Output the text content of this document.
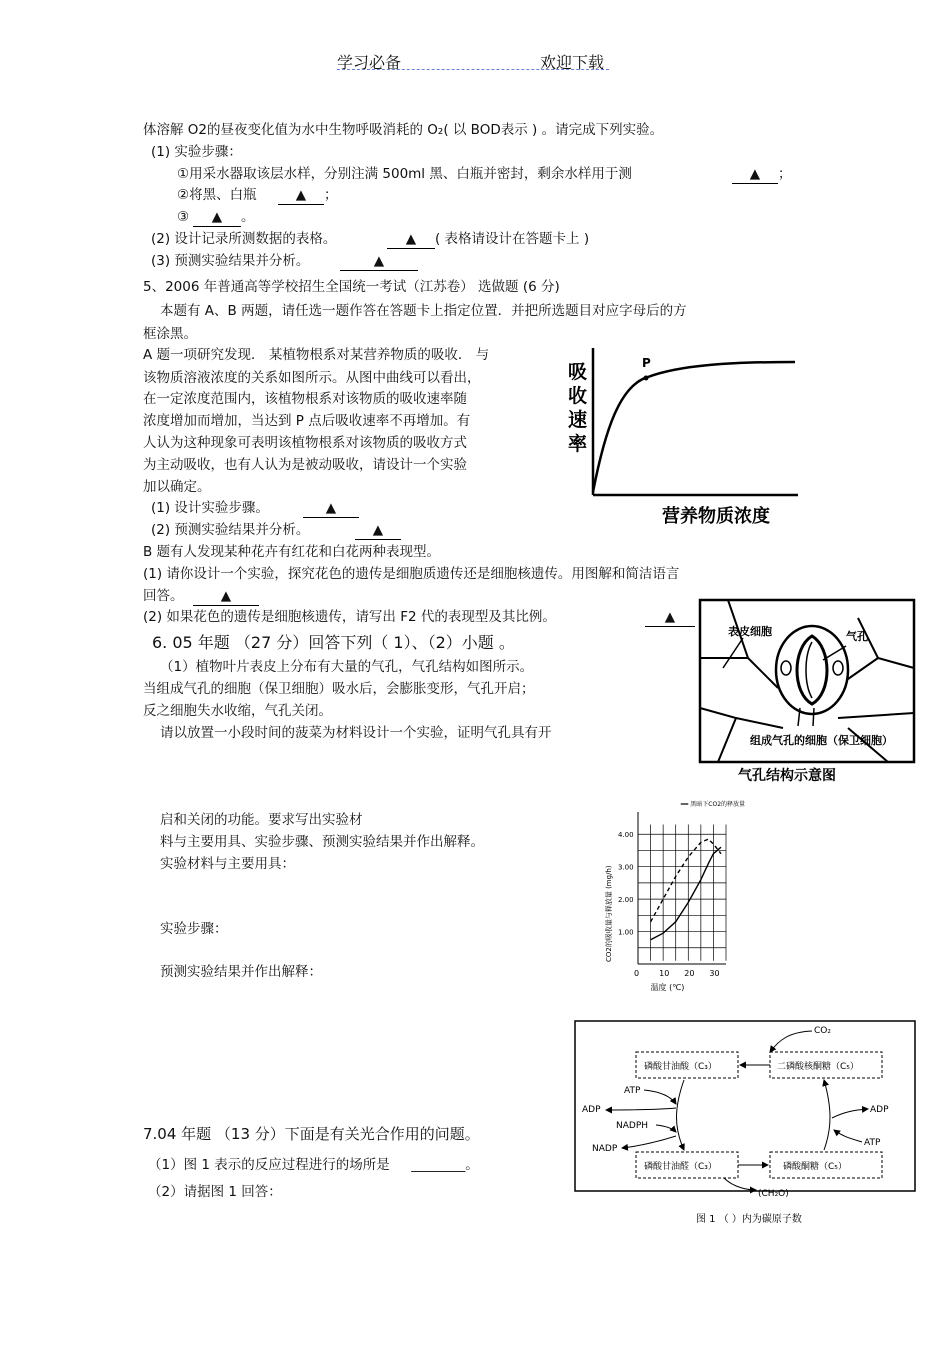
学习必备	欢迎下载
体溶解 O2的昼夜变化值为水中生物呼吸消耗的 O₂( 以 BOD表示 ) 。请完成下列实验。
(1) 实验步骤：
①用采水器取该层水样，分别注满 500ml 黑、白瓶并密封，剩余水样用于测	▲ ；
②将黑、白瓶	▲ ；
③	▲ 。
(2) 设计记录所测数据的表格。	▲ ( 表格请设计在答题卡上 )
(3) 预测实验结果并分析。	▲
5、2006 年普通高等学校招生全国统一考试（江苏卷） 选做题 (6 分)
本题有 A、B 两题，请任选一题作答在答题卡上指定位置．并把所选题目对应字母后的方
框涂黑。
A 题一项研究发现． 某植物根系对某营养物质的吸收． 与
该物质溶液浓度的关系如图所示。从图中曲线可以看出，
在一定浓度范围内，该植物根系对该物质的吸收速率随
浓度增加而增加，当达到 P 点后吸收速率不再增加。有
人认为这种现象可表明该植物根系对该物质的吸收方式
为主动吸收，也有人认为是被动吸收，请设计一个实验
加以确定。
(1) 设计实验步骤。	▲
(2) 预测实验结果并分析。	▲
B 题有人发现某种花卉有红花和白花两种表现型。
(1) 请你设计一个实验，探究花色的遗传是细胞质遗传还是细胞核遗传。用图解和简洁语言
回答。	▲
(2) 如果花色的遗传是细胞核遗传，请写出 F2 代的表现型及其比例。	▲
吸收速率
P
营养物质浓度
6. 05 年题 （27 分）回答下列（ 1）、（2）小题 。
（1）植物叶片表皮上分布有大量的气孔，气孔结构如图所示。
当组成气孔的细胞（保卫细胞）吸水后，会膨胀变形，气孔开启；
反之细胞失水收缩，气孔关闭。
请以放置一小段时间的菠菜为材料设计一个实验，证明气孔具有开
启和关闭的功能。要求写出实验材
料与主要用具、实验步骤、预测实验结果并作出解释。
实验材料与主要用具：
实验步骤：
预测实验结果并作出解释：
表皮细胞	气孔
组成气孔的细胞（保卫细胞）
气孔结构示意图
0	10 20 30
1.00
2.00
3.00
4.00
黑暗下CO2的释放量
CO2的吸收量与释放量 (mg/h)
温度 (℃)
7.04 年题 （13 分）下面是有关光合作用的问题。
（1）图 1 表示的反应过程进行的场所是 ________。
（2）请据图 1 回答：
磷酸甘油酸（C₃）	二磷酸核酮糖（C₅）
磷酸甘油醛（C₃）	磷酸酮糖（C₅）
CO₂
(CH₂O)
ATP
ADP
NADPH
NADP
ADP
ATP
图 1 （ ）内为碳原子数
